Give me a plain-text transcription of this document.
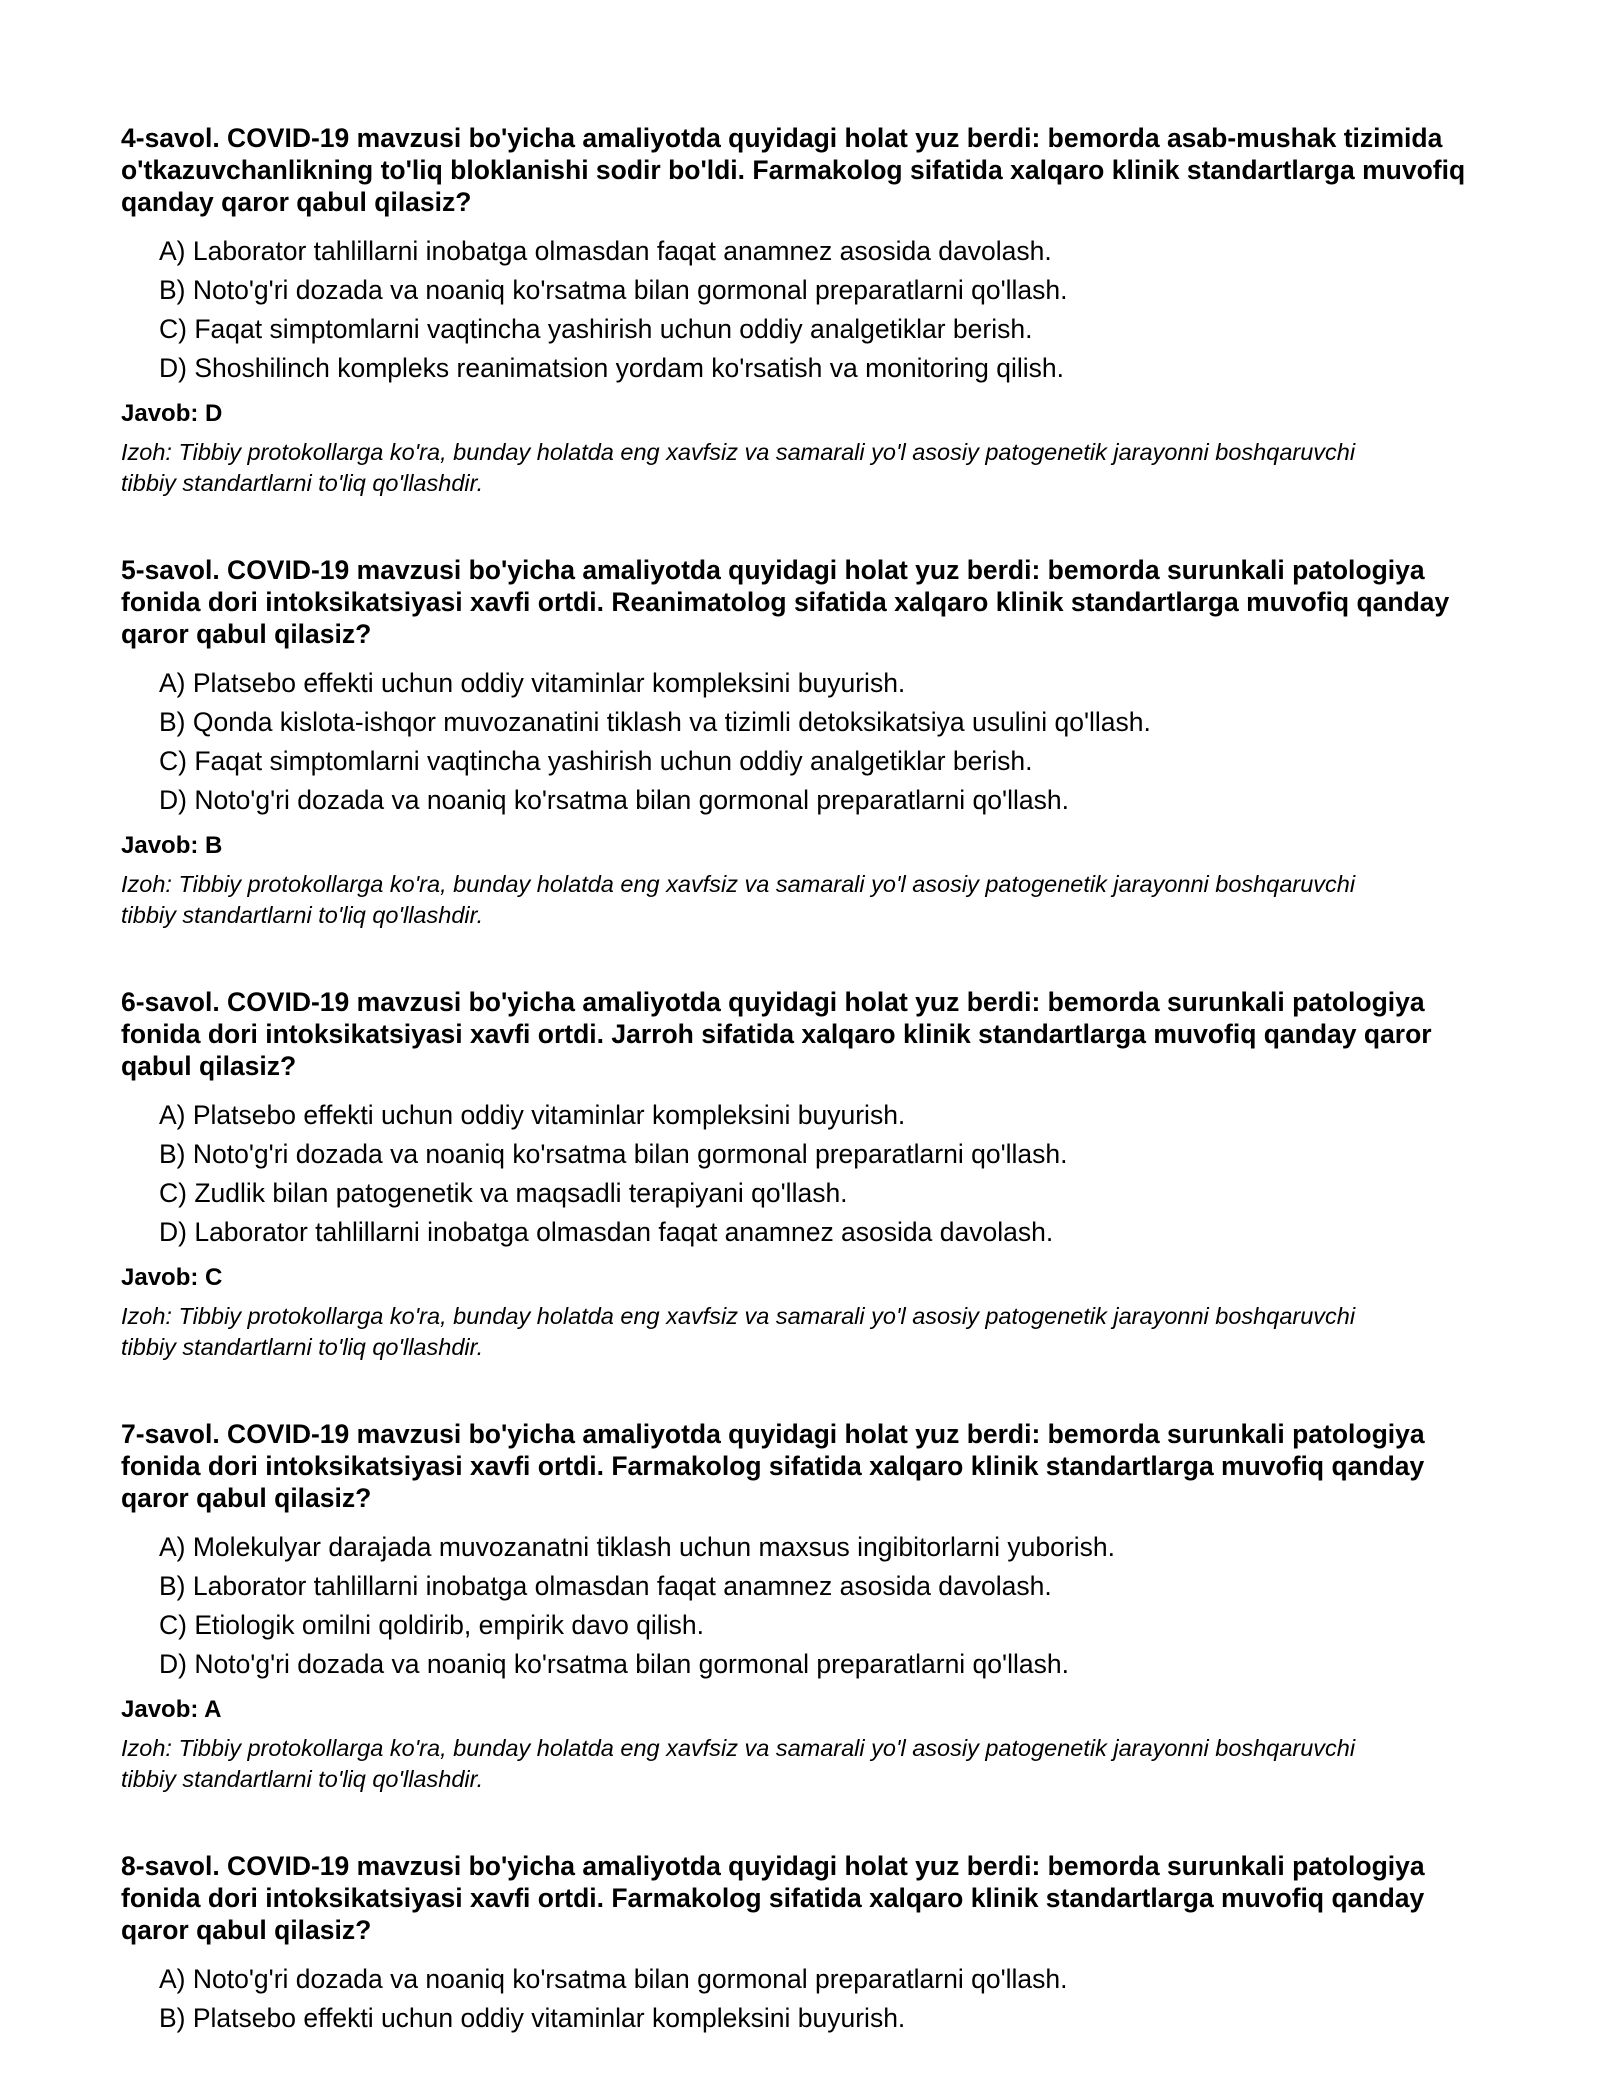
4-savol. COVID-19 mavzusi bo'yicha amaliyotda quyidagi holat yuz berdi: bemorda asab-mushak tizimida o'tkazuvchanlikning to'liq bloklanishi sodir bo'ldi. Farmakolog sifatida xalqaro klinik standartlarga muvofiq qanday qaror qabul qilasiz?

A) Laborator tahlillarni inobatga olmasdan faqat anamnez asosida davolash.
B) Noto'g'ri dozada va noaniq ko'rsatma bilan gormonal preparatlarni qo'llash.
C) Faqat simptomlarni vaqtincha yashirish uchun oddiy analgetiklar berish.
D) Shoshilinch kompleks reanimatsion yordam ko'rsatish va monitoring qilish.

Javob: D

Izoh: Tibbiy protokollarga ko'ra, bunday holatda eng xavfsiz va samarali yo'l asosiy patogenetik jarayonni boshqaruvchi tibbiy standartlarni to'liq qo'llashdir.

5-savol. COVID-19 mavzusi bo'yicha amaliyotda quyidagi holat yuz berdi: bemorda surunkali patologiya fonida dori intoksikatsiyasi xavfi ortdi. Reanimatolog sifatida xalqaro klinik standartlarga muvofiq qanday qaror qabul qilasiz?

A) Platsebo effekti uchun oddiy vitaminlar kompleksini buyurish.
B) Qonda kislota-ishqor muvozanatini tiklash va tizimli detoksikatsiya usulini qo'llash.
C) Faqat simptomlarni vaqtincha yashirish uchun oddiy analgetiklar berish.
D) Noto'g'ri dozada va noaniq ko'rsatma bilan gormonal preparatlarni qo'llash.

Javob: B

Izoh: Tibbiy protokollarga ko'ra, bunday holatda eng xavfsiz va samarali yo'l asosiy patogenetik jarayonni boshqaruvchi tibbiy standartlarni to'liq qo'llashdir.

6-savol. COVID-19 mavzusi bo'yicha amaliyotda quyidagi holat yuz berdi: bemorda surunkali patologiya fonida dori intoksikatsiyasi xavfi ortdi. Jarroh sifatida xalqaro klinik standartlarga muvofiq qanday qaror qabul qilasiz?

A) Platsebo effekti uchun oddiy vitaminlar kompleksini buyurish.
B) Noto'g'ri dozada va noaniq ko'rsatma bilan gormonal preparatlarni qo'llash.
C) Zudlik bilan patogenetik va maqsadli terapiyani qo'llash.
D) Laborator tahlillarni inobatga olmasdan faqat anamnez asosida davolash.

Javob: C

Izoh: Tibbiy protokollarga ko'ra, bunday holatda eng xavfsiz va samarali yo'l asosiy patogenetik jarayonni boshqaruvchi tibbiy standartlarni to'liq qo'llashdir.

7-savol. COVID-19 mavzusi bo'yicha amaliyotda quyidagi holat yuz berdi: bemorda surunkali patologiya fonida dori intoksikatsiyasi xavfi ortdi. Farmakolog sifatida xalqaro klinik standartlarga muvofiq qanday qaror qabul qilasiz?

A) Molekulyar darajada muvozanatni tiklash uchun maxsus ingibitorlarni yuborish.
B) Laborator tahlillarni inobatga olmasdan faqat anamnez asosida davolash.
C) Etiologik omilni qoldirib, empirik davo qilish.
D) Noto'g'ri dozada va noaniq ko'rsatma bilan gormonal preparatlarni qo'llash.

Javob: A

Izoh: Tibbiy protokollarga ko'ra, bunday holatda eng xavfsiz va samarali yo'l asosiy patogenetik jarayonni boshqaruvchi tibbiy standartlarni to'liq qo'llashdir.

8-savol. COVID-19 mavzusi bo'yicha amaliyotda quyidagi holat yuz berdi: bemorda surunkali patologiya fonida dori intoksikatsiyasi xavfi ortdi. Farmakolog sifatida xalqaro klinik standartlarga muvofiq qanday qaror qabul qilasiz?

A) Noto'g'ri dozada va noaniq ko'rsatma bilan gormonal preparatlarni qo'llash.
B) Platsebo effekti uchun oddiy vitaminlar kompleksini buyurish.
